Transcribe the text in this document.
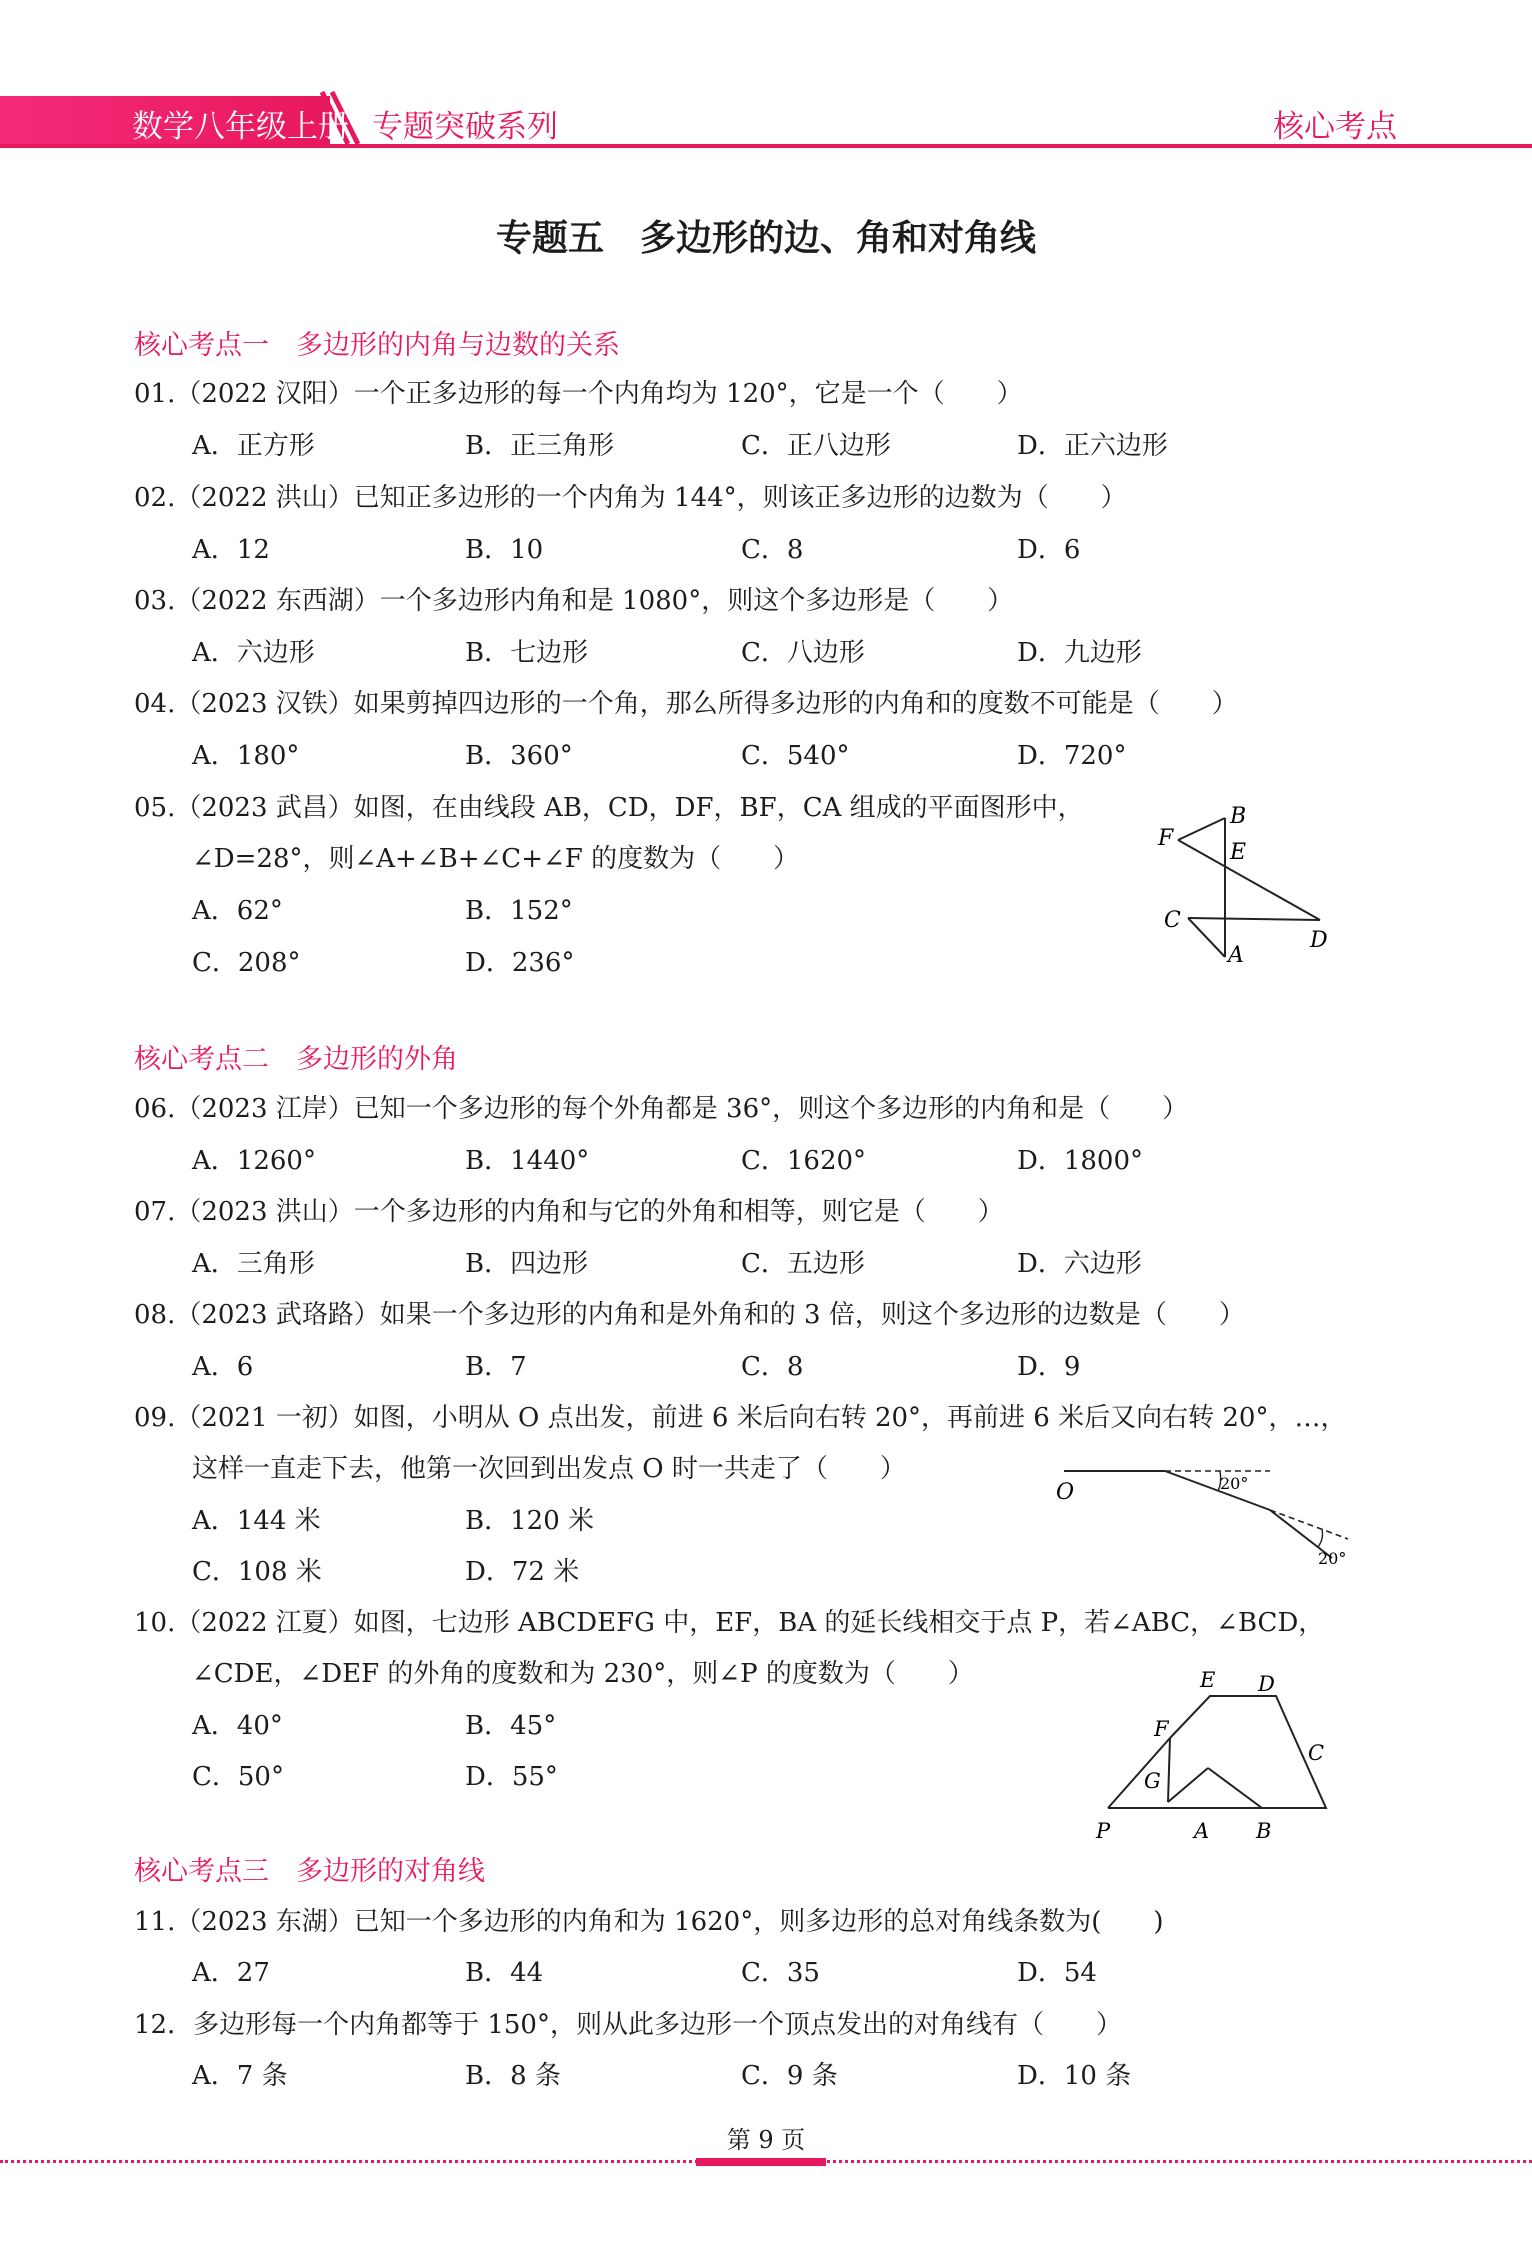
数学八年级上册 专题突破系列	核心考点
专题五　多边形的边、角和对角线
核心考点一　多边形的内角与边数的关系
01.（2022 汉阳）一个正多边形的每一个内角均为 120°，它是一个（　　）
A．正方形	B．正三角形	C．正八边形	D．正六边形
02.（2022 洪山）已知正多边形的一个内角为 144°，则该正多边形的边数为（　　）
A．12	B．10	C．8	D．6
03.（2022 东西湖）一个多边形内角和是 1080°，则这个多边形是（　　）
A．六边形	B．七边形	C．八边形	D．九边形
04.（2023 汉铁）如果剪掉四边形的一个角，那么所得多边形的内角和的度数不可能是（　　）
A．180°	B．360°	C．540°	D．720°
05.（2023 武昌）如图，在由线段 AB，CD，DF，BF，CA 组成的平面图形中，
∠D=28°，则∠A+∠B+∠C+∠F 的度数为（　　）
A．62°	B．152°
C．208°	D．236°
F
B
E
C
A
D
核心考点二　多边形的外角
06.（2023 江岸）已知一个多边形的每个外角都是 36°，则这个多边形的内角和是（　　）
A．1260°	B．1440°	C．1620°	D．1800°
07.（2023 洪山）一个多边形的内角和与它的外角和相等，则它是（　　）
A．三角形	B．四边形	C．五边形	D．六边形
08.（2023 武珞路）如果一个多边形的内角和是外角和的 3 倍，则这个多边形的边数是（　　）
A．6	B．7	C．8	D．9
09.（2021 一初）如图，小明从 O 点出发，前进 6 米后向右转 20°，再前进 6 米后又向右转 20°，…，
这样一直走下去，他第一次回到出发点 O 时一共走了（　　）
A．144 米	B．120 米
C．108 米	D．72 米
O	20°
20°
10.（2022 江夏）如图，七边形 ABCDEFG 中，EF，BA 的延长线相交于点 P，若∠ABC，∠BCD，
∠CDE，∠DEF 的外角的度数和为 230°，则∠P 的度数为（　　）
A．40°	B．45°
C．50°	D．55°
E D
F
C
G
P	A B
核心考点三　多边形的对角线
11.（2023 东湖）已知一个多边形的内角和为 1620°，则多边形的总对角线条数为(　　)
A．27	B．44	C．35	D．54
12．多边形每一个内角都等于 150°，则从此多边形一个顶点发出的对角线有（　　）
A．7 条	B．8 条	C．9 条	D．10 条
第 9 页
